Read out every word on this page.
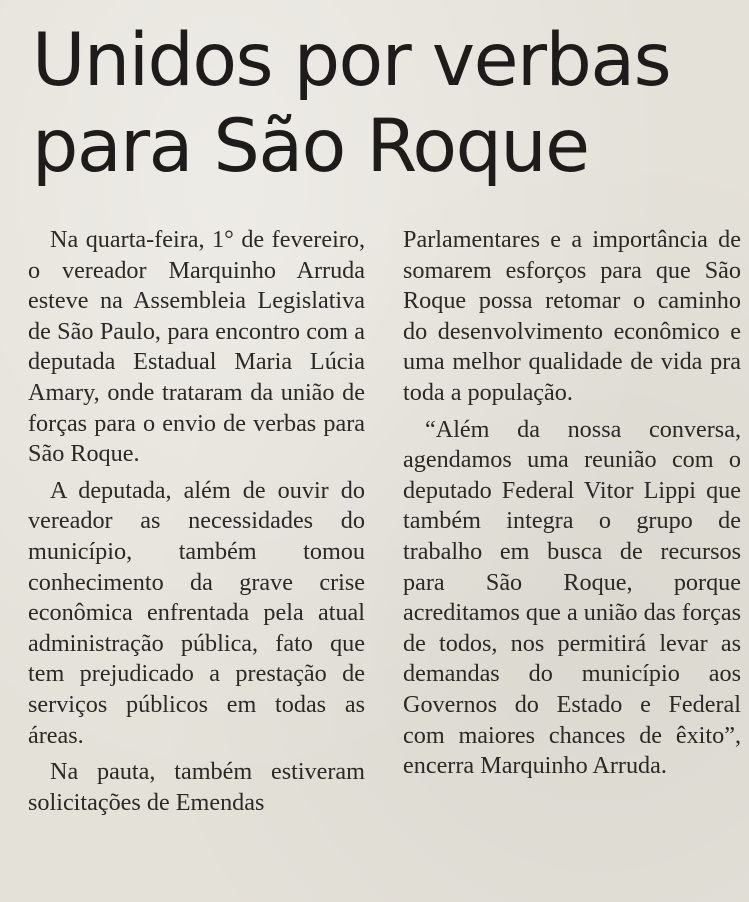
Unidos por verbas
para São Roque

Na quarta-feira, 1° de fevereiro, o vereador Marquinho Arruda esteve na Assembleia Legislativa de São Paulo, para encontro com a deputada Estadual Maria Lúcia Amary, onde trataram da união de forças para o envio de verbas para São Roque.

A deputada, além de ouvir do vereador as necessidades do município, também tomou conhecimento da grave crise econômica enfrentada pela atual administração pública, fato que tem prejudicado a prestação de serviços públicos em todas as áreas.

Na pauta, também estiveram solicitações de Emendas

Parlamentares e a importância de somarem esforços para que São Roque possa retomar o caminho do desenvolvimento econômico e uma melhor qualidade de vida pra toda a população.

“Além da nossa conversa, agendamos uma reunião com o deputado Federal Vitor Lippi que também integra o grupo de trabalho em busca de recursos para São Roque, porque acreditamos que a união das forças de todos, nos permitirá levar as demandas do município aos Governos do Estado e Federal com maiores chances de êxito”, encerra Marquinho Arruda.
